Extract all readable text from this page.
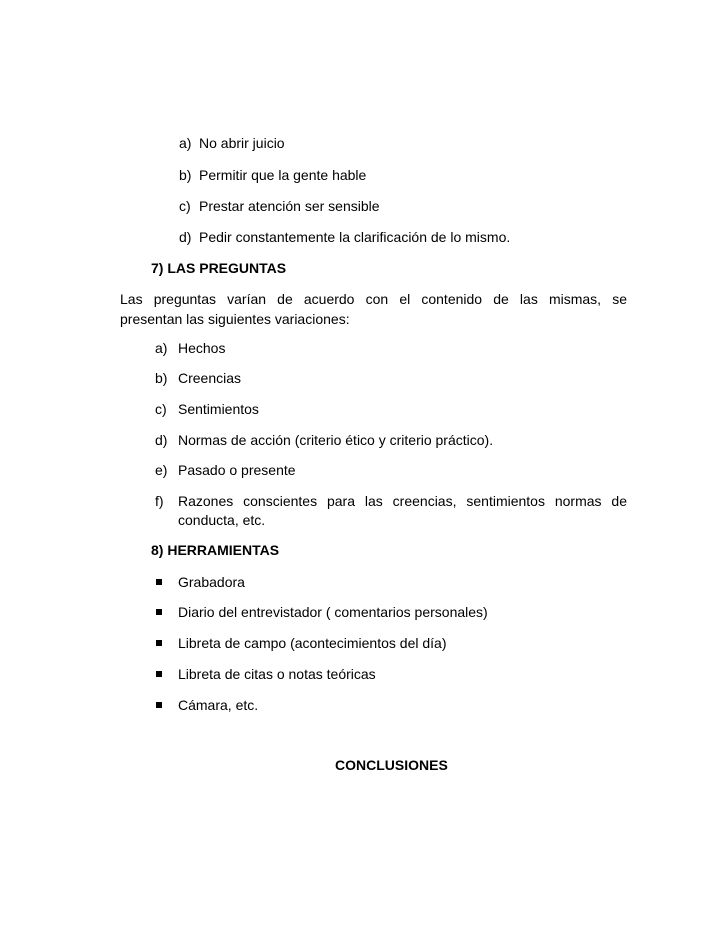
a) No abrir juicio
b) Permitir que la gente hable
c) Prestar atención ser sensible
d) Pedir constantemente la clarificación de lo mismo.
7) LAS PREGUNTAS
Las preguntas varían de acuerdo con el contenido de las mismas, se
presentan las siguientes variaciones:
a) Hechos
b) Creencias
c) Sentimientos
d) Normas de acción (criterio ético y criterio práctico).
e) Pasado o presente
f) Razones conscientes para las creencias, sentimientos normas de
conducta, etc.
8) HERRAMIENTAS
Grabadora
Diario del entrevistador ( comentarios personales)
Libreta de campo (acontecimientos del día)
Libreta de citas o notas teóricas
Cámara, etc.
CONCLUSIONES
